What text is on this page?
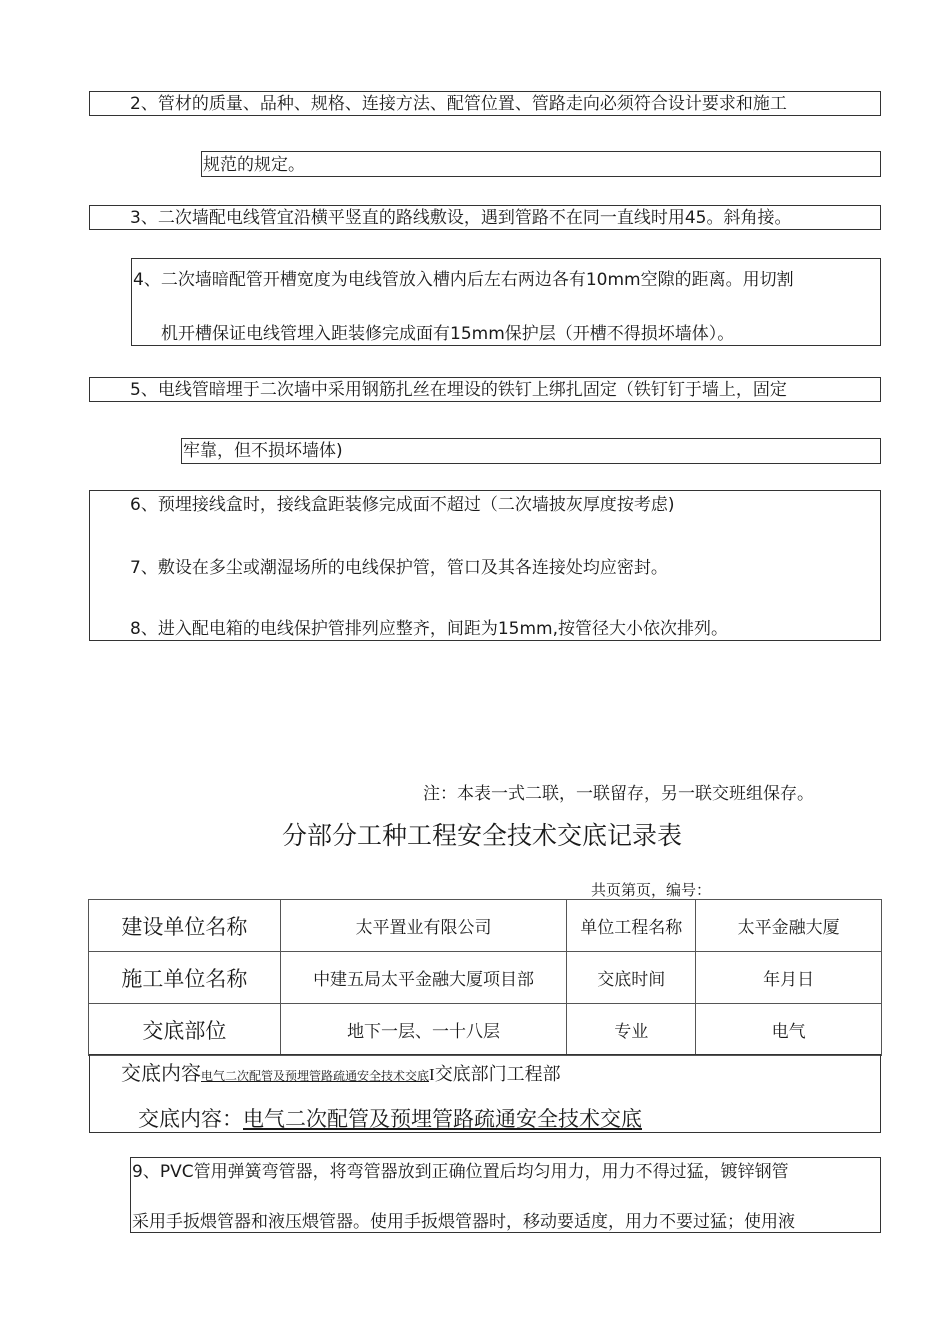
2、管材的质量、品种、规格、连接方法、配管位置、管路走向必须符合设计要求和施工
规范的规定。
3、二次墙配电线管宜沿横平竖直的路线敷设，遇到管路不在同一直线时用45。斜角接。
4、二次墙暗配管开槽宽度为电线管放入槽内后左右两边各有10mm空隙的距离。用切割
机开槽保证电线管埋入距装修完成面有15mm保护层（开槽不得损坏墙体）。
5、电线管暗埋于二次墙中采用钢筋扎丝在埋设的铁钉上绑扎固定（铁钉钉于墙上，固定
牢靠，但不损坏墙体)
6、预埋接线盒时，接线盒距装修完成面不超过（二次墙披灰厚度按考虑)
7、敷设在多尘或潮湿场所的电线保护管，管口及其各连接处均应密封。
8、进入配电箱的电线保护管排列应整齐，间距为15mm,按管径大小依次排列。
注：本表一式二联，一联留存，另一联交班组保存。
分部分工种工程安全技术交底记录表
共页第页，编号：
建设单位名称	太平置业有限公司	单位工程名称	太平金融大厦
施工单位名称	中建五局太平金融大厦项目部	交底时间	年月日
交底部位	地下一层、一十八层	专业	电气
交底内容电气二次配管及预埋管路疏通安全技术交底I交底部门工程部
交底内容：电气二次配管及预埋管路疏通安全技术交底
9、PVC管用弹簧弯管器，将弯管器放到正确位置后均匀用力，用力不得过猛，镀锌钢管
采用手扳煨管器和液压煨管器。使用手扳煨管器时，移动要适度，用力不要过猛；使用液
